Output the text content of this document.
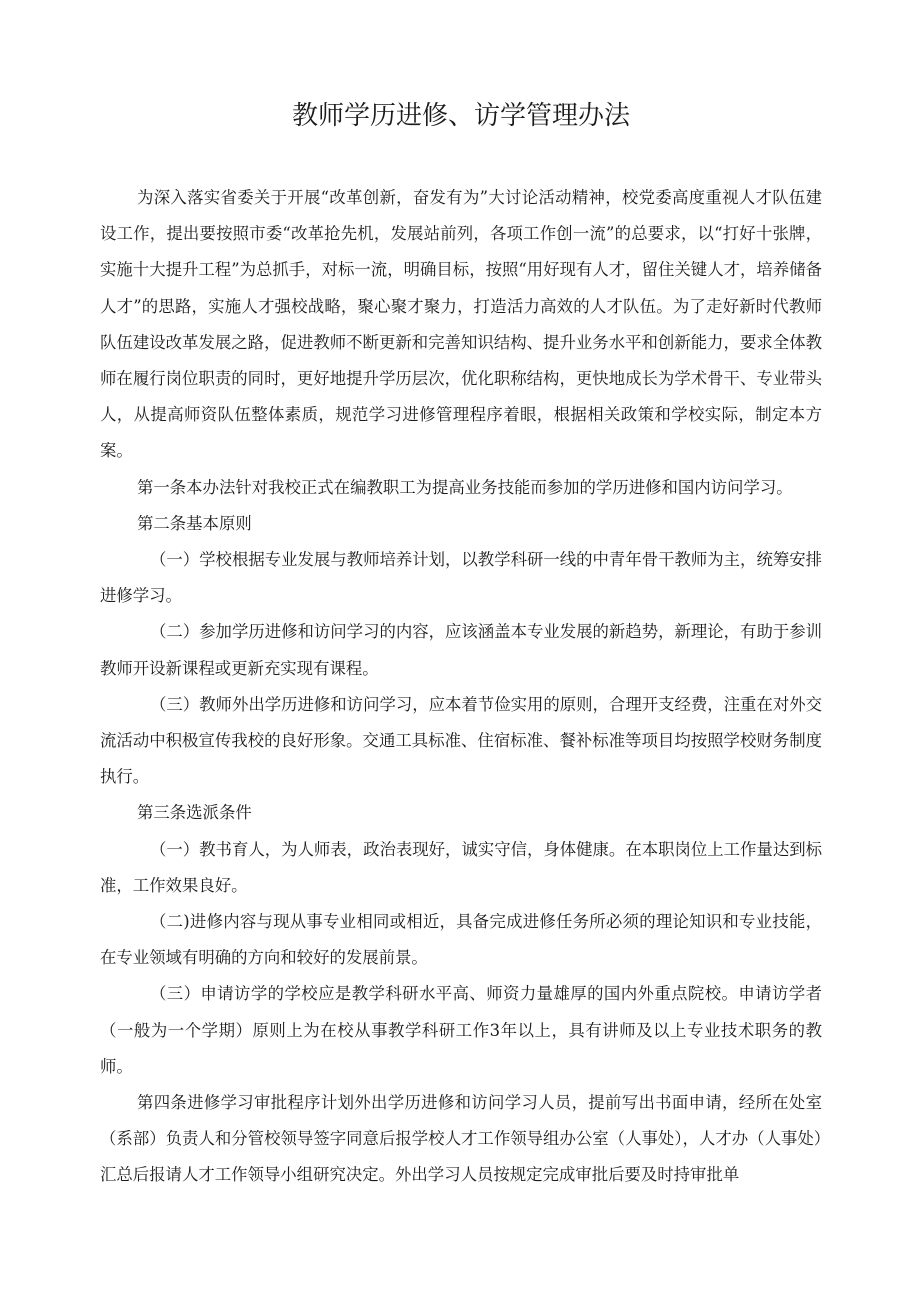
教师学历进修、访学管理办法

为深入落实省委关于开展“改革创新，奋发有为”大讨论活动精神，校党委高度重视人才队伍建设工作，提出要按照市委“改革抢先机，发展站前列，各项工作创一流”的总要求，以“打好十张牌，实施十大提升工程”为总抓手，对标一流，明确目标，按照“用好现有人才，留住关键人才，培养储备人才”的思路，实施人才强校战略，聚心聚才聚力，打造活力高效的人才队伍。为了走好新时代教师队伍建设改革发展之路，促进教师不断更新和完善知识结构、提升业务水平和创新能力，要求全体教师在履行岗位职责的同时，更好地提升学历层次，优化职称结构，更快地成长为学术骨干、专业带头人，从提高师资队伍整体素质，规范学习进修管理程序着眼，根据相关政策和学校实际，制定本方案。

第一条本办法针对我校正式在编教职工为提高业务技能而参加的学历进修和国内访问学习。

第二条基本原则

（一）学校根据专业发展与教师培养计划，以教学科研一线的中青年骨干教师为主，统筹安排进修学习。

（二）参加学历进修和访问学习的内容，应该涵盖本专业发展的新趋势，新理论，有助于参训教师开设新课程或更新充实现有课程。

（三）教师外出学历进修和访问学习，应本着节俭实用的原则，合理开支经费，注重在对外交流活动中积极宣传我校的良好形象。交通工具标准、住宿标准、餐补标准等项目均按照学校财务制度执行。

第三条选派条件

（一）教书育人，为人师表，政治表现好，诚实守信，身体健康。在本职岗位上工作量达到标准，工作效果良好。

（二)进修内容与现从事专业相同或相近，具备完成进修任务所必须的理论知识和专业技能，在专业领域有明确的方向和较好的发展前景。

（三）申请访学的学校应是教学科研水平高、师资力量雄厚的国内外重点院校。申请访学者（一般为一个学期）原则上为在校从事教学科研工作3年以上，具有讲师及以上专业技术职务的教师。

第四条进修学习审批程序计划外出学历进修和访问学习人员，提前写出书面申请，经所在处室（系部）负责人和分管校领导签字同意后报学校人才工作领导组办公室（人事处），人才办（人事处）汇总后报请人才工作领导小组研究决定。外出学习人员按规定完成审批后要及时持审批单
